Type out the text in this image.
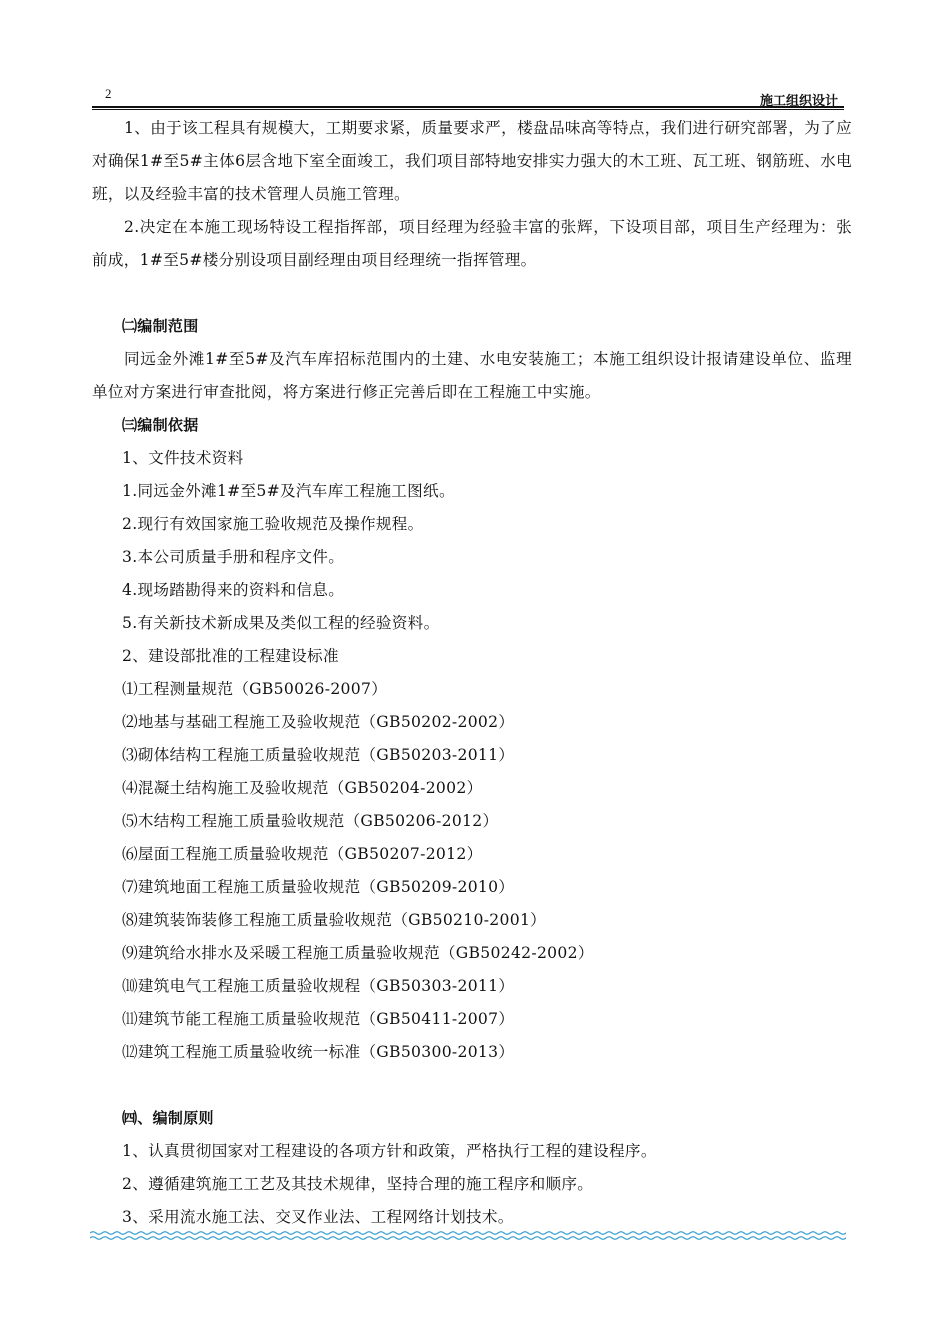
2
施工组织设计

1、由于该工程具有规模大，工期要求紧，质量要求严，楼盘品味高等特点，我们进行研究部署，为了应对确保1#至5#主体6层含地下室全面竣工，我们项目部特地安排实力强大的木工班、瓦工班、钢筋班、水电班，以及经验丰富的技术管理人员施工管理。

2.决定在本施工现场特设工程指挥部，项目经理为经验丰富的张辉，下设项目部，项目生产经理为：张前成，1#至5#楼分别设项目副经理由项目经理统一指挥管理。

㈡编制范围

同远金外滩1#至5#及汽车库招标范围内的土建、水电安装施工；本施工组织设计报请建设单位、监理单位对方案进行审查批阅，将方案进行修正完善后即在工程施工中实施。

㈢编制依据
1、文件技术资料
1.同远金外滩1#至5#及汽车库工程施工图纸。
2.现行有效国家施工验收规范及操作规程。
3.本公司质量手册和程序文件。
4.现场踏勘得来的资料和信息。
5.有关新技术新成果及类似工程的经验资料。
2、建设部批准的工程建设标准
⑴工程测量规范（GB50026-2007）
⑵地基与基础工程施工及验收规范（GB50202-2002）
⑶砌体结构工程施工质量验收规范（GB50203-2011）
⑷混凝土结构施工及验收规范（GB50204-2002）
⑸木结构工程施工质量验收规范（GB50206-2012）
⑹屋面工程施工质量验收规范（GB50207-2012）
⑺建筑地面工程施工质量验收规范（GB50209-2010）
⑻建筑装饰装修工程施工质量验收规范（GB50210-2001）
⑼建筑给水排水及采暖工程施工质量验收规范（GB50242-2002）
⑽建筑电气工程施工质量验收规程（GB50303-2011）
⑾建筑节能工程施工质量验收规范（GB50411-2007）
⑿建筑工程施工质量验收统一标准（GB50300-2013）
㈣、编制原则
1、认真贯彻国家对工程建设的各项方针和政策，严格执行工程的建设程序。
2、遵循建筑施工工艺及其技术规律，坚持合理的施工程序和顺序。
3、采用流水施工法、交叉作业法、工程网络计划技术。
